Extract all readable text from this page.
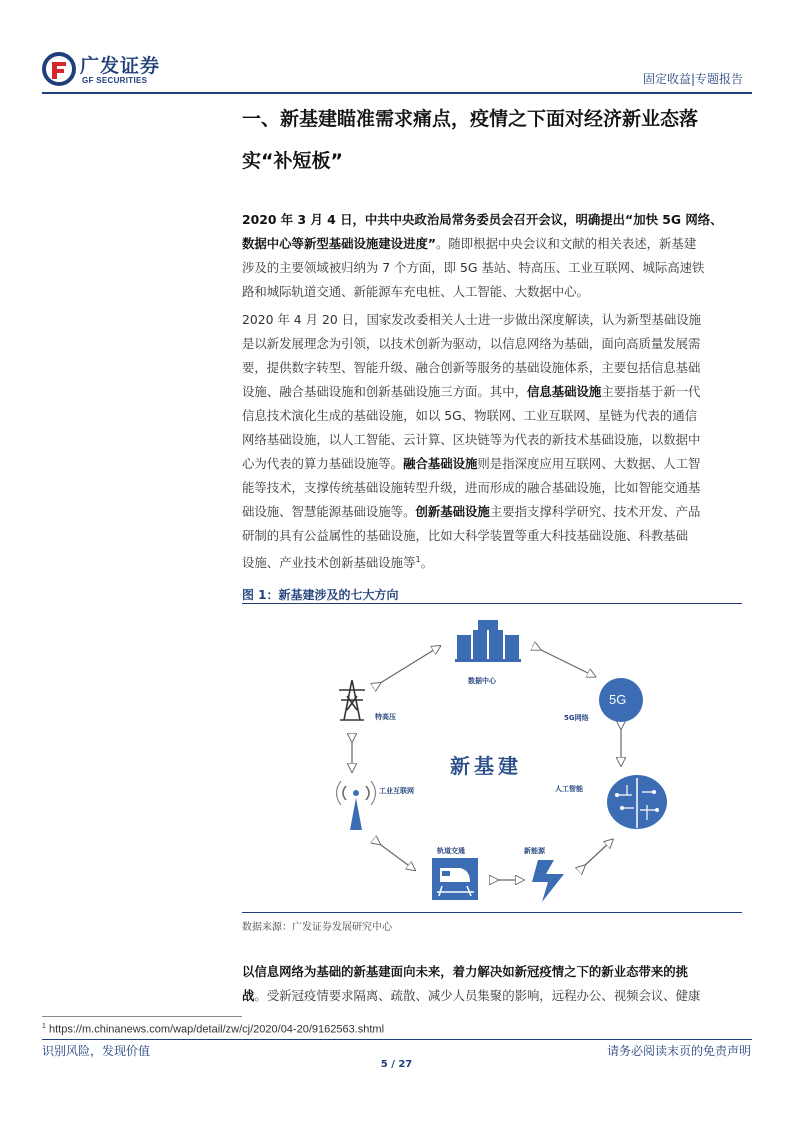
广发证券
GF SECURITIES	固定收益|专题报告
一、新基建瞄准需求痛点，疫情之下面对经济新业态落
实“补短板”
2020 年 3 月 4 日，中共中央政治局常务委员会召开会议，明确提出“加快 5G 网络、
数据中心等新型基础设施建设进度”。随即根据中央会议和文献的相关表述，新基建
涉及的主要领域被归纳为 7 个方面，即 5G 基站、特高压、工业互联网、城际高速铁
路和城际轨道交通、新能源车充电桩、人工智能、大数据中心。
2020 年 4 月 20 日，国家发改委相关人士进一步做出深度解读，认为新型基础设施
是以新发展理念为引领，以技术创新为驱动，以信息网络为基础，面向高质量发展需
要，提供数字转型、智能升级、融合创新等服务的基础设施体系，主要包括信息基础
设施、融合基础设施和创新基础设施三方面。其中，信息基础设施主要指基于新一代
信息技术演化生成的基础设施，如以 5G、物联网、工业互联网、星链为代表的通信
网络基础设施，以人工智能、云计算、区块链等为代表的新技术基础设施，以数据中
心为代表的算力基础设施等。融合基础设施则是指深度应用互联网、大数据、人工智
能等技术，支撑传统基础设施转型升级，进而形成的融合基础设施，比如智能交通基
础设施、智慧能源基础设施等。创新基础设施主要指支撑科学研究、技术开发、产品
研制的具有公益属性的基础设施，比如大科学装置等重大科技基础设施、科教基础
设施、产业技术创新基础设施等$^1$。
图 1：新基建涉及的七大方向
数据中心
5G
5G网络
特高压
工业互联网	人工智能
轨道交通	新能源
新基建
数据来源：广发证券发展研究中心
以信息网络为基础的新基建面向未来，着力解决如新冠疫情之下的新业态带来的挑
战。受新冠疫情要求隔离、疏散、减少人员集聚的影响，远程办公、视频会议、健康
$^1$ https://m.chinanews.com/wap/detail/zw/cj/2020/04-20/9162563.shtml
识别风险，发现价值	请务必阅读末页的免责声明
5 / 27
